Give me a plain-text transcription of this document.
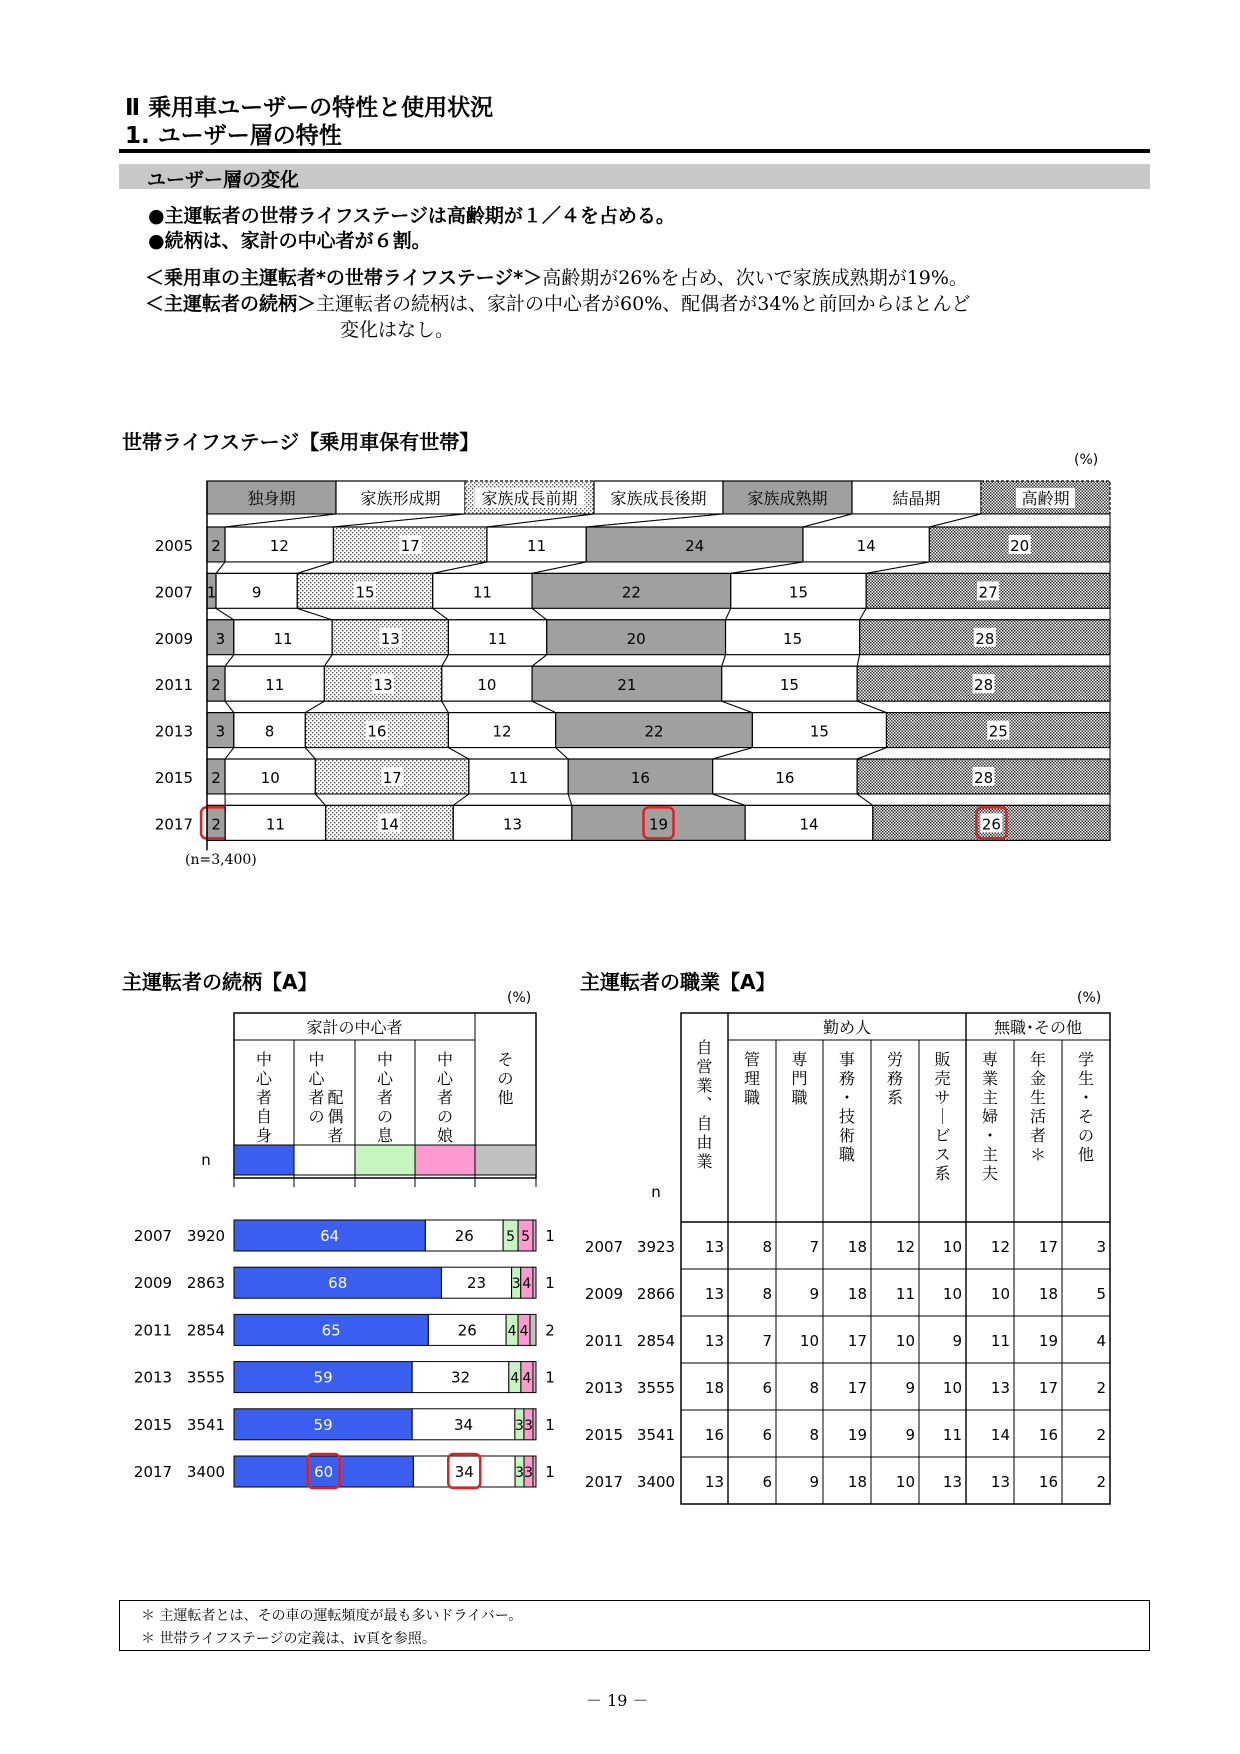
Ⅱ 乗用車ユーザーの特性と使用状況
1. ユーザー層の特性
ユーザー層の変化
●主運転者の世帯ライフステージは高齢期が１／４を占める。
●続柄は、家計の中心者が６割。
＜乗用車の主運転者*の世帯ライフステージ*＞高齢期が26%を占め、次いで家族成熟期が19%。
＜主運転者の続柄＞主運転者の続柄は、家計の中心者が60%、配偶者が34%と前回からほとんど
変化はなし。
世帯ライフステージ【乗用車保有世帯】
(%)
独身期	家族形成期	家族成長前期 家族成長後期	家族成熟期	結晶期	高齢期
2005 2	12	17	11	24	14	20
2007 1 9	15	11	22	15	27
2009 3	11	13	11	20	15	28
2011 2	11	13	10	21	15	28
2013 3	8	16	12	22	15	25
2015 2	10	17	11	16	16	28
2017 2	11	14	13	19	14	26
(n=3,400)
主運転者の続柄【A】
(%)
家計の中心者
中
心
者
自
身
中
心
者
の
配
偶
者
中
心
者
の
息
中
心
者
の
娘
そ
の
他
n
2007 3920	64	26 5 5 1
2009 2863	68	23 3 4 1
2011 2854	65	26 4 4 2
2013 3555	59	32	4 4 1
2015 3541	59	34	3 3 1
2017 3400	60	34	3 3 1
主運転者の職業【A】
(%)
勤め人	無職･その他
自
営
業
︑
自
由
業
管
理
職
専
門
職
事
務
・
技
術
職
労
務
系
販
売
サ
｜
ビ
ス
系
専
業
主
婦
・
主
夫
年
金
生
活
者
＊
学
生
・
そ
の
他
n
2007 3923 13	8 7 18 12 10 12 17	3
2009 2866 13	8 9 18 11 10 10 18	5
2011 2854 13	7 10 17 10 9 11 19	4
2013 3555 18	6 8 17	9 10 13 17	2
2015 3541 16	6 8 19	9 11 14 16	2
2017 3400 13	6 9 18 10 13 13 16	2
＊ 主運転者とは、その車の運転頻度が最も多いドライバー。
＊ 世帯ライフステージの定義は、ⅳ頁を参照。
－ 19 －
